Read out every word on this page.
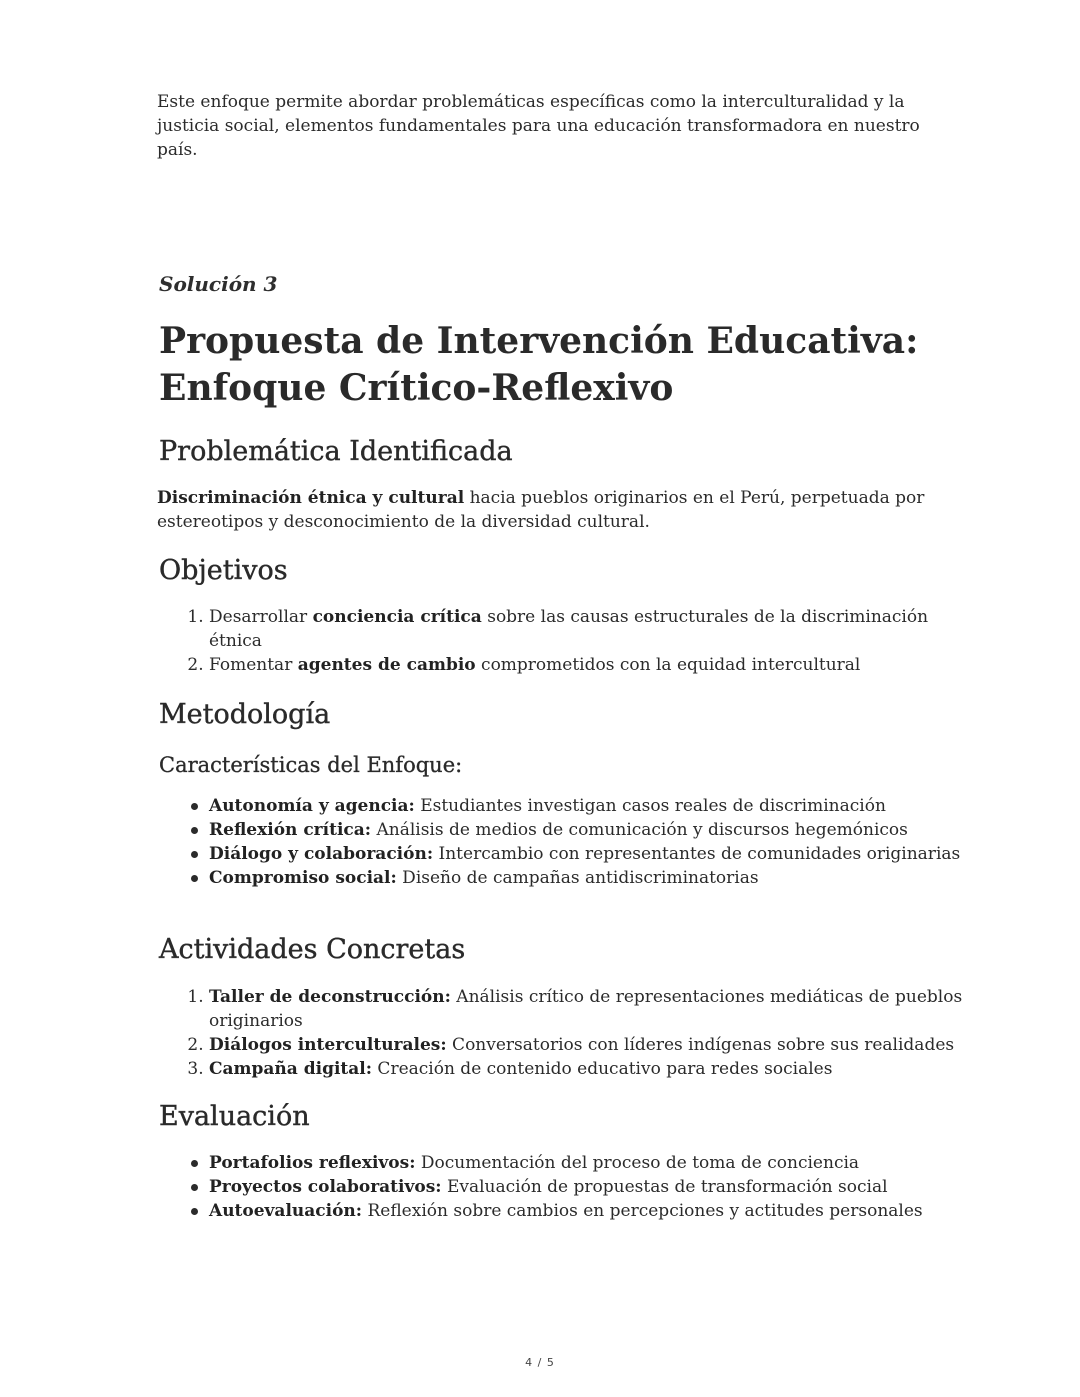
Este enfoque permite abordar problemáticas específicas como la interculturalidad y la justicia social, elementos fundamentales para una educación transformadora en nuestro país.

Solución 3

Propuesta de Intervención Educativa: Enfoque Crítico-Reflexivo
Problemática Identificada

Discriminación étnica y cultural hacia pueblos originarios en el Perú, perpetuada por estereotipos y desconocimiento de la diversidad cultural.

Objetivos
1. Desarrollar conciencia crítica sobre las causas estructurales de la discriminación étnica
2. Fomentar agentes de cambio comprometidos con la equidad intercultural
Metodología
Características del Enfoque:
Autonomía y agencia: Estudiantes investigan casos reales de discriminación
Reflexión crítica: Análisis de medios de comunicación y discursos hegemónicos
Diálogo y colaboración: Intercambio con representantes de comunidades originarias
Compromiso social: Diseño de campañas antidiscriminatorias
Actividades Concretas
1. Taller de deconstrucción: Análisis crítico de representaciones mediáticas de pueblos originarios
2. Diálogos interculturales: Conversatorios con líderes indígenas sobre sus realidades
3. Campaña digital: Creación de contenido educativo para redes sociales
Evaluación
Portafolios reflexivos: Documentación del proceso de toma de conciencia
Proyectos colaborativos: Evaluación de propuestas de transformación social
Autoevaluación: Reflexión sobre cambios en percepciones y actitudes personales
4 / 5
